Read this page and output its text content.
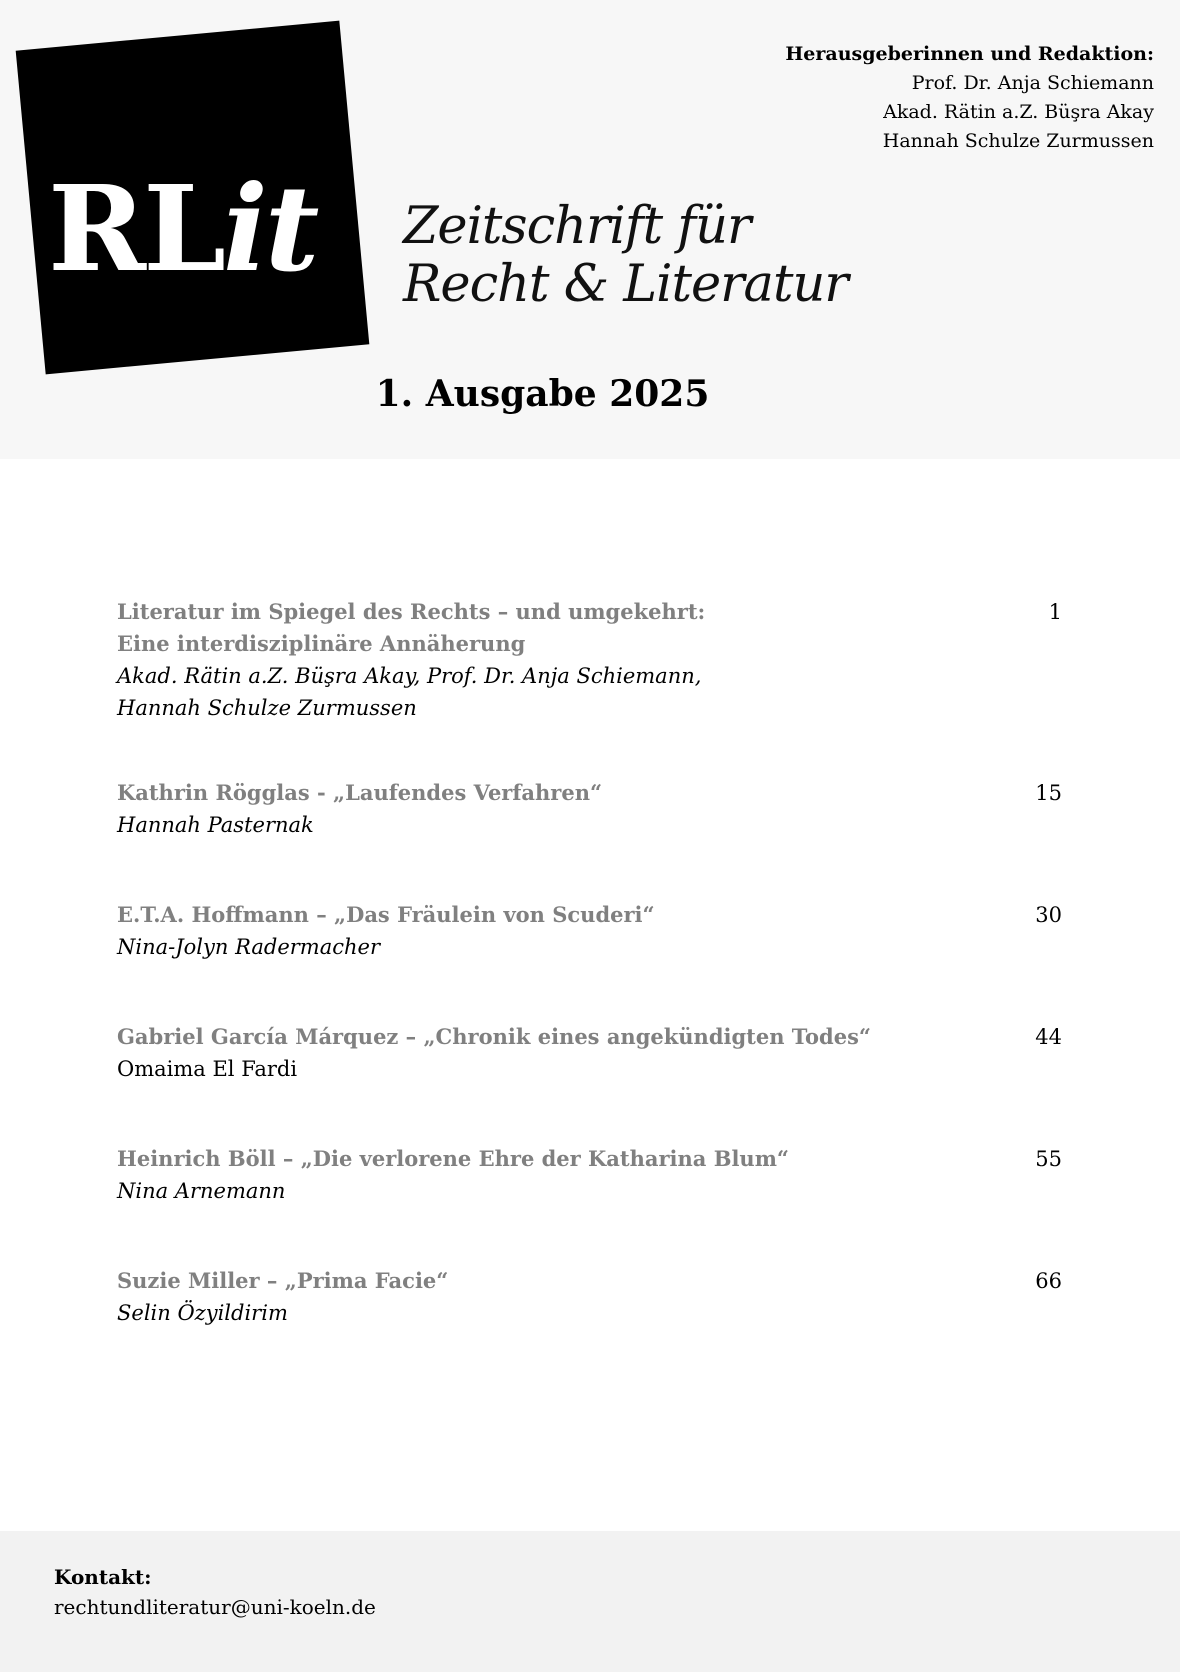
RLit Zeitschrift für
Recht & Literatur
Herausgeberinnen und Redaktion:
Prof. Dr. Anja Schiemann
Akad. Rätin a.Z. Büşra Akay
Hannah Schulze Zurmussen
1. Ausgabe 2025
Literatur im Spiegel des Rechts – und umgekehrt:
Eine interdisziplinäre Annäherung
Akad. Rätin a.Z. Büşra Akay, Prof. Dr. Anja Schiemann,
Hannah Schulze Zurmussen
1
Kathrin Rögglas - „Laufendes Verfahren“
Hannah Pasternak
15
E.T.A. Hoffmann – „Das Fräulein von Scuderi“
Nina-Jolyn Radermacher
30
Gabriel García Márquez – „Chronik eines angekündigten Todes“
Omaima El Fardi
44
Heinrich Böll – „Die verlorene Ehre der Katharina Blum“
Nina Arnemann
55
Suzie Miller – „Prima Facie“
Selin Özyildirim
66
Kontakt:
rechtundliteratur@uni-koeln.de
